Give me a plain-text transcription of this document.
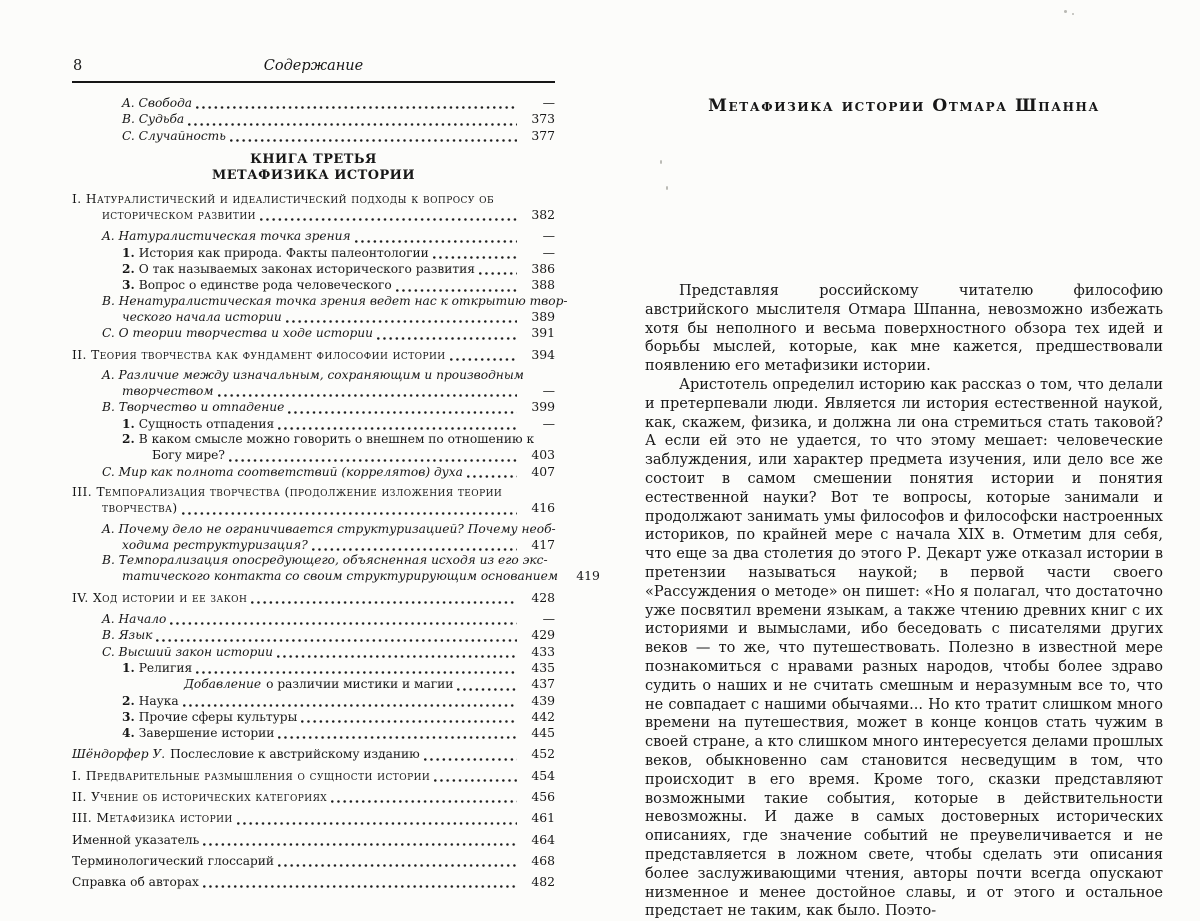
8	Содержание
A. Свобода	—
B. Судьба	373
C. Случайность	377
КНИГА ТРЕТЬЯ
МЕТАФИЗИКА ИСТОРИИ
I. Натуралистический и идеалистический подходы к вопросу об
историческом развитии	382
A. Натуралистическая точка зрения	—
1. История как природа. Факты палеонтологии	—
2. О так называемых законах исторического развития	386
3. Вопрос о единстве рода человеческого	388
B. Ненатуралистическая точка зрения ведет нас к открытию твор-
ческого начала истории	389
C. О теории творчества и ходе истории	391
II. Теория творчества как фундамент философии истории	394
A. Различие между изначальным, сохраняющим и производным
творчеством	—
B. Творчество и отпадение	399
1. Сущность отпадения	—
2. В каком смысле можно говорить о внешнем по отношению к
Богу мире?	403
C. Мир как полнота соответствий (коррелятов) духа	407
III. Темпорализация творчества (продолжение изложения теории
творчества)	416
A. Почему дело не ограничивается структуризацией? Почему необ-
ходима реструктуризация?	417
B. Темпорализация опосредующего, объясненная исходя из его экс-
татического контакта со своим структурирующим основанием	419
IV. Ход истории и ее закон	428
A. Начало	—
B. Язык	429
C. Высший закон истории	433
1. Религия	435
Добавление о различии мистики и магии	437
2. Наука	439
3. Прочие сферы культуры	442
4. Завершение истории	445
Шёндорфер У. Послесловие к австрийскому изданию	452
I. Предварительные размышления о сущности истории	454
II. Учение об исторических категориях	456
III. Метафизика истории	461
Именной указатель	464
Терминологический глоссарий	468
Справка об авторах	482
Метафизика истории Отмара Шпанна

Представляя российскому читателю философию австрийского мыслителя Отмара Шпанна, невозможно избежать хотя бы неполного и весьма поверхностного обзора тех идей и борьбы мыслей, которые, как мне кажется, предшествовали появлению его метафизики истории.

Аристотель определил историю как рассказ о том, что делали и претерпевали люди. Является ли история естественной наукой, как, скажем, физика, и должна ли она стремиться стать таковой? А если ей это не удается, то что этому мешает: человеческие заблуждения, или характер предмета изучения, или дело все же состоит в самом смешении понятия истории и понятия естественной науки? Вот те вопросы, которые занимали и продолжают занимать умы философов и философски настроенных историков, по крайней мере с начала XIX в. Отметим для себя, что еще за два столетия до этого Р. Декарт уже отказал истории в претензии называться наукой; в первой части своего «Рассуждения о методе» он пишет: «Но я полагал, что достаточно уже посвятил времени языкам, а также чтению древних книг с их историями и вымыслами, ибо беседовать с писателями других веков — то же, что путешествовать. Полезно в известной мере познакомиться с нравами разных народов, чтобы более здраво судить о наших и не считать смешным и неразумным все то, что не совпадает с нашими обычаями... Но кто тратит слишком много времени на путешествия, может в конце концов стать чужим в своей стране, а кто слишком много интересуется делами прошлых веков, обыкновенно сам становится несведущим в том, что происходит в его время. Кроме того, сказки представляют возможными такие события, которые в действительности невозможны. И даже в самых достоверных исторических описаниях, где значение событий не преувеличивается и не представляется в ложном свете, чтобы сделать эти описания более заслуживающими чтения, авторы почти всегда опускают низменное и менее достойное славы, и от этого и остальное предстает не таким, как было. Поэто-
